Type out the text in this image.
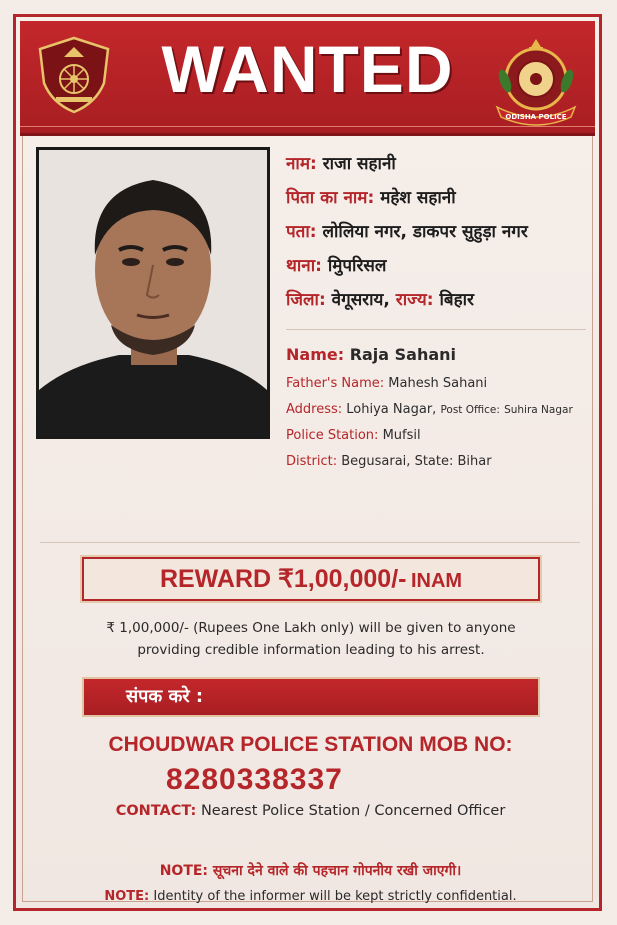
WANTED
ODISHA POLICE
नाम: राजा सहानी
पिता का नाम: महेश सहानी
पता: लोलिया नगर, डाकपर सुहुड़ा नगर
थाना: मुिपरिसल
जिला: वेगूसराय, राज्य: बिहार
Name: Raja Sahani
Father's Name: Mahesh Sahani
Address: Lohiya Nagar, Post Office: Suhira Nagar
Police Station: Mufsil
District: Begusarai, State: Bihar
REWARD ₹1,00,000/- INAM
₹ 1,00,000/- (Rupees One Lakh only) will be given to anyone
providing credible information leading to his arrest.
संपक करे :
CHOUDWAR POLICE STATION MOB NO:
8280338337
CONTACT: Nearest Police Station / Concerned Officer
NOTE: सूचना देने वाले की पहचान गोपनीय रखी जाएगी।
NOTE: Identity of the informer will be kept strictly confidential.
